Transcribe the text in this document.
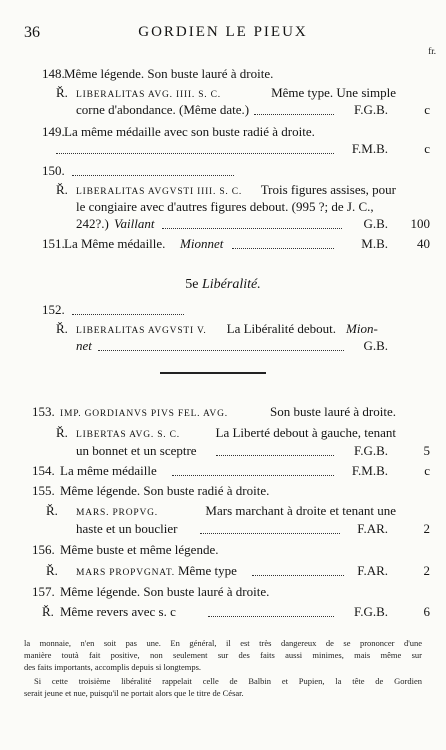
36	GORDIEN LE PIEUX
fr.
148. Même légende. Son buste lauré à droite.
Ř. LIBERALITAS AVG. IIII. S. C.	Même type. Une simple
corne d'abondance. (Même date.)	F.G.B.	c
149. La même médaille avec son buste radié à droite.
F.M.B.	c
150.
Ř. LIBERALITAS AVGVSTI IIII. S. C.	Trois figures assises, pour
le congiaire avec d'autres figures debout. (995 ?; de J. C.,
242?.) Vaillant	G.B.	100
151. La Même médaille. Mionnet	M.B.	40
5e Libéralité.
152.
Ř. LIBERALITAS AVGVSTI V.	La Libéralité debout. Mion-
net	G.B.
153. IMP. GORDIANVS PIVS FEL. AVG.	Son buste lauré à droite.
Ř. LIBERTAS AVG. S. C.	La Liberté debout à gauche, tenant
un bonnet et un sceptre	F.G.B.	5
154. La même médaille	F.M.B.	c
155. Même légende. Son buste radié à droite.
Ř. MARS. PROPVG.	Mars marchant à droite et tenant une
haste et un bouclier	F.AR.	2
156. Même buste et même légende.
Ř. MARS PROPVGNAT. Même type	F.AR.	2
157. Même légende. Son buste lauré à droite.
Ř. Même revers avec s. c	F.G.B.	6
la monnaie, n'en soit pas une. En général, il est très dangereux de se prononcer d'une
manière toutà fait positive, non seulement sur des faits aussi minimes, mais même sur
des faits importants, accomplis depuis si longtemps.
Si cette troisième libéralité rappelait celle de Balbin et Pupien, la tête de Gordien
serait jeune et nue, puisqu'il ne portait alors que le titre de César.
